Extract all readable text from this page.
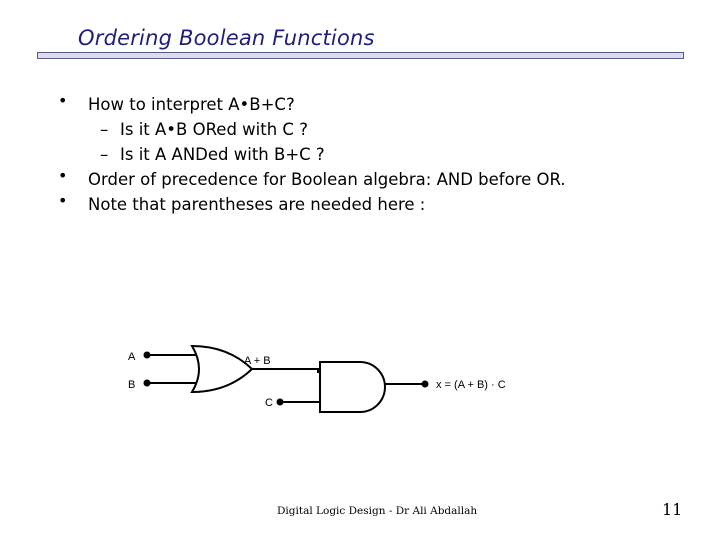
Ordering Boolean Functions
• How to interpret A•B+C?
– Is it A•B ORed with C ?
– Is it A ANDed with B+C ?
• Order of precedence for Boolean algebra: AND before OR.
• Note that parentheses are needed here :
A
B
A + B
C
x = (A + B) · C
Digital Logic Design - Dr Ali Abdallah	11
